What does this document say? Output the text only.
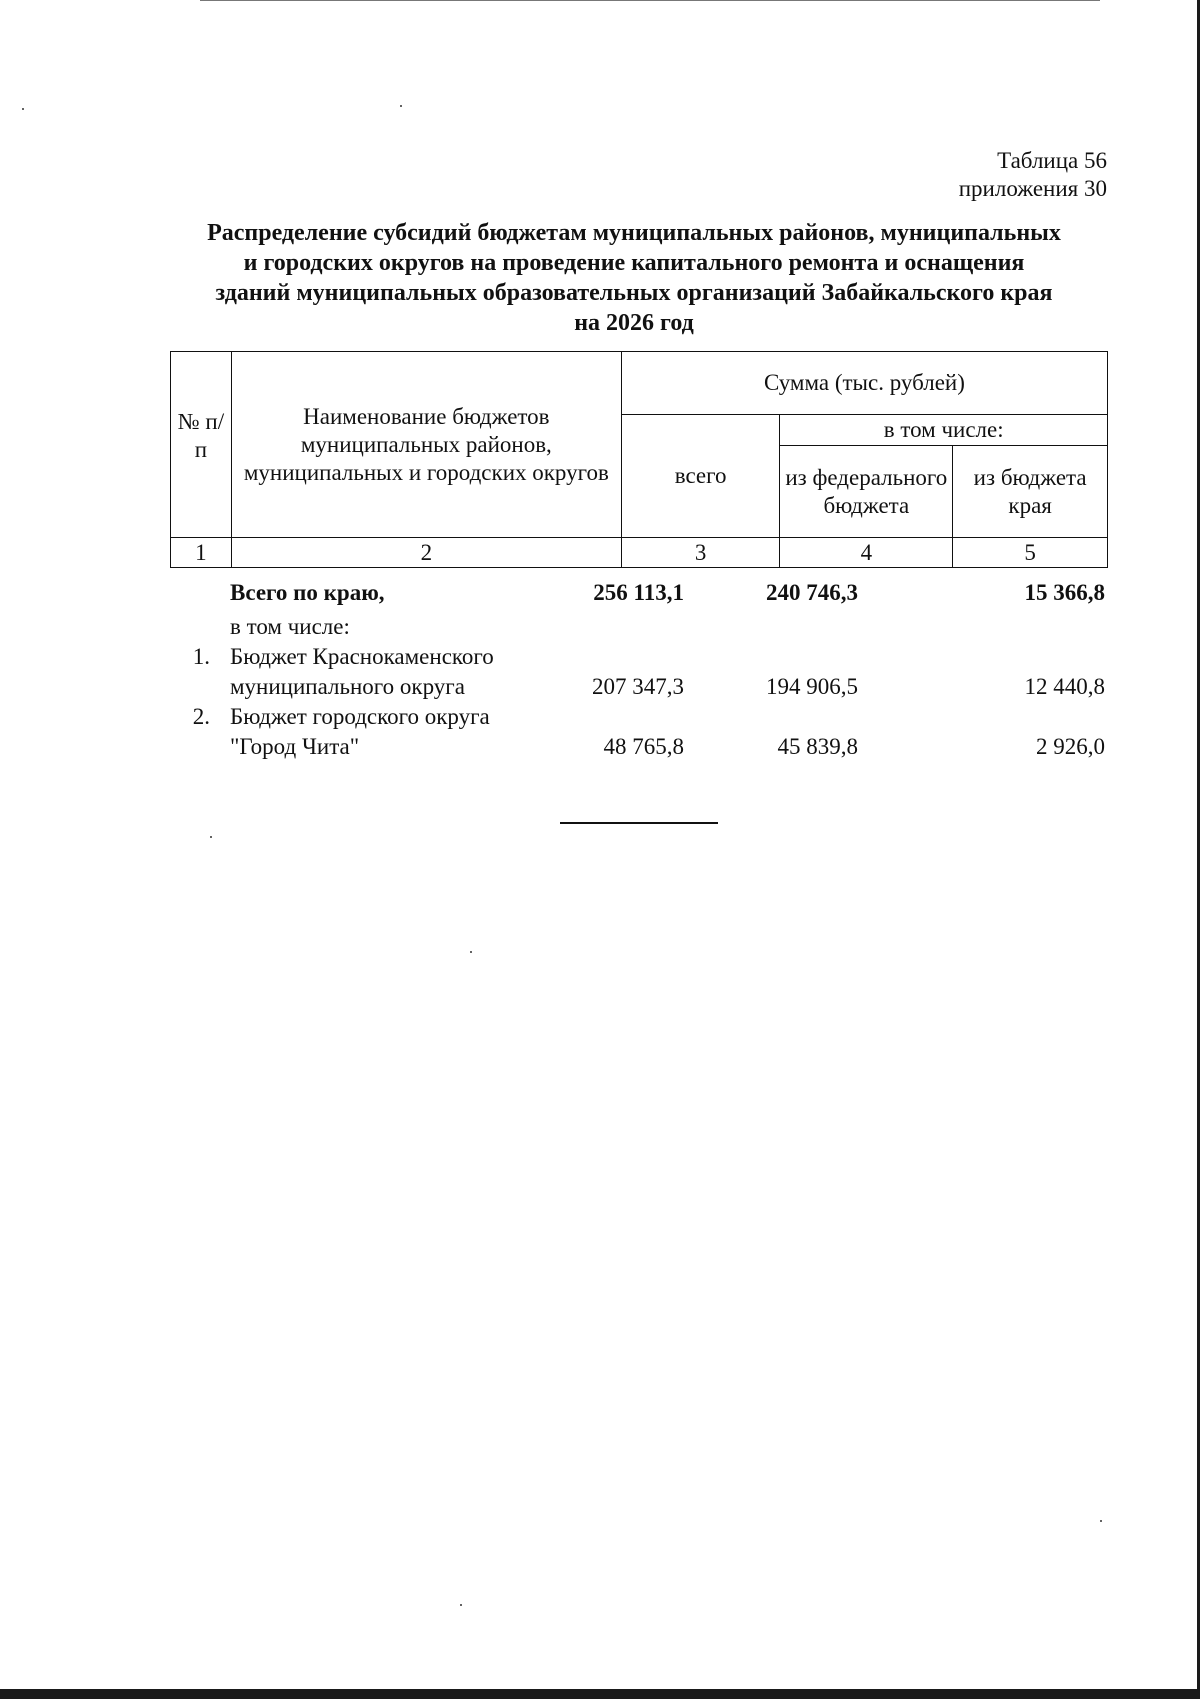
Таблица 56
приложения 30
Распределение субсидий бюджетам муниципальных районов, муниципальных
и городских округов на проведение капитального ремонта и оснащения
зданий муниципальных образовательных организаций Забайкальского края
на 2026 год
№ п/п	Наименование бюджетов муниципальных районов, муниципальных и городских округов	Сумма (тыс. рублей)		
		всего	в том числе:	
			из федерального бюджета	из бюджета края
1	2	3	4	5
Всего по краю,	256 113,1	240 746,3	15 366,8
в том числе:
1. Бюджет Краснокаменского
муниципального округа	207 347,3	194 906,5	12 440,8
2. Бюджет городского округа
"Город Чита"	48 765,8	45 839,8	2 926,0
